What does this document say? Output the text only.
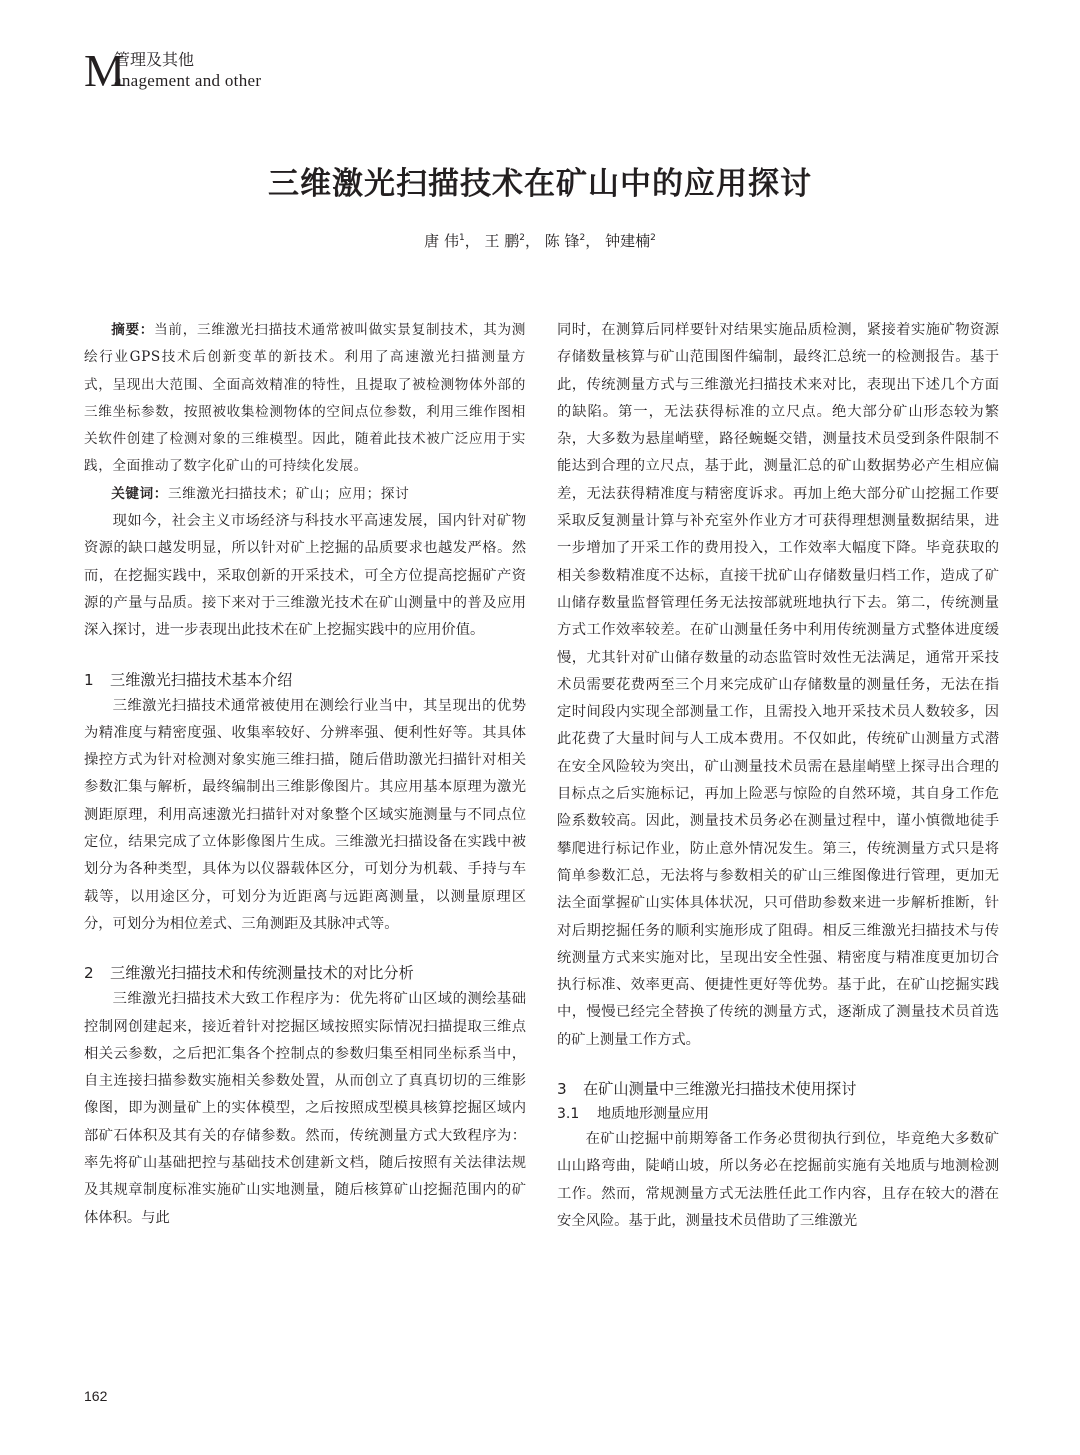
M
管理及其他
anagement and other
三维激光扫描技术在矿山中的应用探讨
唐 伟$^1$， 王 鹏$^2$， 陈 锋$^2$， 钟建楠$^2$

摘要：当前，三维激光扫描技术通常被叫做实景复制技术，其为测绘行业GPS技术后创新变革的新技术。利用了高速激光扫描测量方式，呈现出大范围、全面高效精准的特性，且提取了被检测物体外部的三维坐标参数，按照被收集检测物体的空间点位参数，利用三维作图相关软件创建了检测对象的三维模型。因此，随着此技术被广泛应用于实践，全面推动了数字化矿山的可持续化发展。

关键词：三维激光扫描技术；矿山；应用；探讨

现如今，社会主义市场经济与科技水平高速发展，国内针对矿物资源的缺口越发明显，所以针对矿上挖掘的品质要求也越发严格。然而，在挖掘实践中，采取创新的开采技术，可全方位提高挖掘矿产资源的产量与品质。接下来对于三维激光技术在矿山测量中的普及应用深入探讨，进一步表现出此技术在矿上挖掘实践中的应用价值。

1 三维激光扫描技术基本介绍

三维激光扫描技术通常被使用在测绘行业当中，其呈现出的优势为精准度与精密度强、收集率较好、分辨率强、便利性好等。其具体操控方式为针对检测对象实施三维扫描，随后借助激光扫描针对相关参数汇集与解析，最终编制出三维影像图片。其应用基本原理为激光测距原理，利用高速激光扫描针对对象整个区域实施测量与不同点位定位，结果完成了立体影像图片生成。三维激光扫描设备在实践中被划分为各种类型，具体为以仪器载体区分，可划分为机载、手持与车载等，以用途区分，可划分为近距离与远距离测量，以测量原理区分，可划分为相位差式、三角测距及其脉冲式等。

2 三维激光扫描技术和传统测量技术的对比分析

三维激光扫描技术大致工作程序为：优先将矿山区域的测绘基础控制网创建起来，接近着针对挖掘区域按照实际情况扫描提取三维点相关云参数，之后把汇集各个控制点的参数归集至相同坐标系当中，自主连接扫描参数实施相关参数处置，从而创立了真真切切的三维影像图，即为测量矿上的实体模型，之后按照成型模具核算挖掘区域内部矿石体积及其有关的存储参数。然而，传统测量方式大致程序为：率先将矿山基础把控与基础技术创建新文档，随后按照有关法律法规及其规章制度标准实施矿山实地测量，随后核算矿山挖掘范围内的矿体体积。与此

同时，在测算后同样要针对结果实施品质检测，紧接着实施矿物资源存储数量核算与矿山范围图件编制，最终汇总统一的检测报告。基于此，传统测量方式与三维激光扫描技术来对比，表现出下述几个方面的缺陷。第一，无法获得标准的立尺点。绝大部分矿山形态较为繁杂，大多数为悬崖峭壁，路径蜿蜒交错，测量技术员受到条件限制不能达到合理的立尺点，基于此，测量汇总的矿山数据势必产生相应偏差，无法获得精准度与精密度诉求。再加上绝大部分矿山挖掘工作要采取反复测量计算与补充室外作业方才可获得理想测量数据结果，进一步增加了开采工作的费用投入，工作效率大幅度下降。毕竟获取的相关参数精准度不达标，直接干扰矿山存储数量归档工作，造成了矿山储存数量监督管理任务无法按部就班地执行下去。第二，传统测量方式工作效率较差。在矿山测量任务中利用传统测量方式整体进度缓慢，尤其针对矿山储存数量的动态监管时效性无法满足，通常开采技术员需要花费两至三个月来完成矿山存储数量的测量任务，无法在指定时间段内实现全部测量工作，且需投入地开采技术员人数较多，因此花费了大量时间与人工成本费用。不仅如此，传统矿山测量方式潜在安全风险较为突出，矿山测量技术员需在悬崖峭壁上探寻出合理的目标点之后实施标记，再加上险恶与惊险的自然环境，其自身工作危险系数较高。因此，测量技术员务必在测量过程中，谨小慎微地徒手攀爬进行标记作业，防止意外情况发生。第三，传统测量方式只是将简单参数汇总，无法将与参数相关的矿山三维图像进行管理，更加无法全面掌握矿山实体具体状况，只可借助参数来进一步解析推断，针对后期挖掘任务的顺利实施形成了阻碍。相反三维激光扫描技术与传统测量方式来实施对比，呈现出安全性强、精密度与精准度更加切合执行标准、效率更高、便捷性更好等优势。基于此，在矿山挖掘实践中，慢慢已经完全替换了传统的测量方式，逐渐成了测量技术员首选的矿上测量工作方式。

3 在矿山测量中三维激光扫描技术使用探讨
3.1 地质地形测量应用

在矿山挖掘中前期筹备工作务必贯彻执行到位，毕竟绝大多数矿山山路弯曲，陡峭山坡，所以务必在挖掘前实施有关地质与地测检测工作。然而，常规测量方式无法胜任此工作内容，且存在较大的潜在安全风险。基于此，测量技术员借助了三维激光

162
